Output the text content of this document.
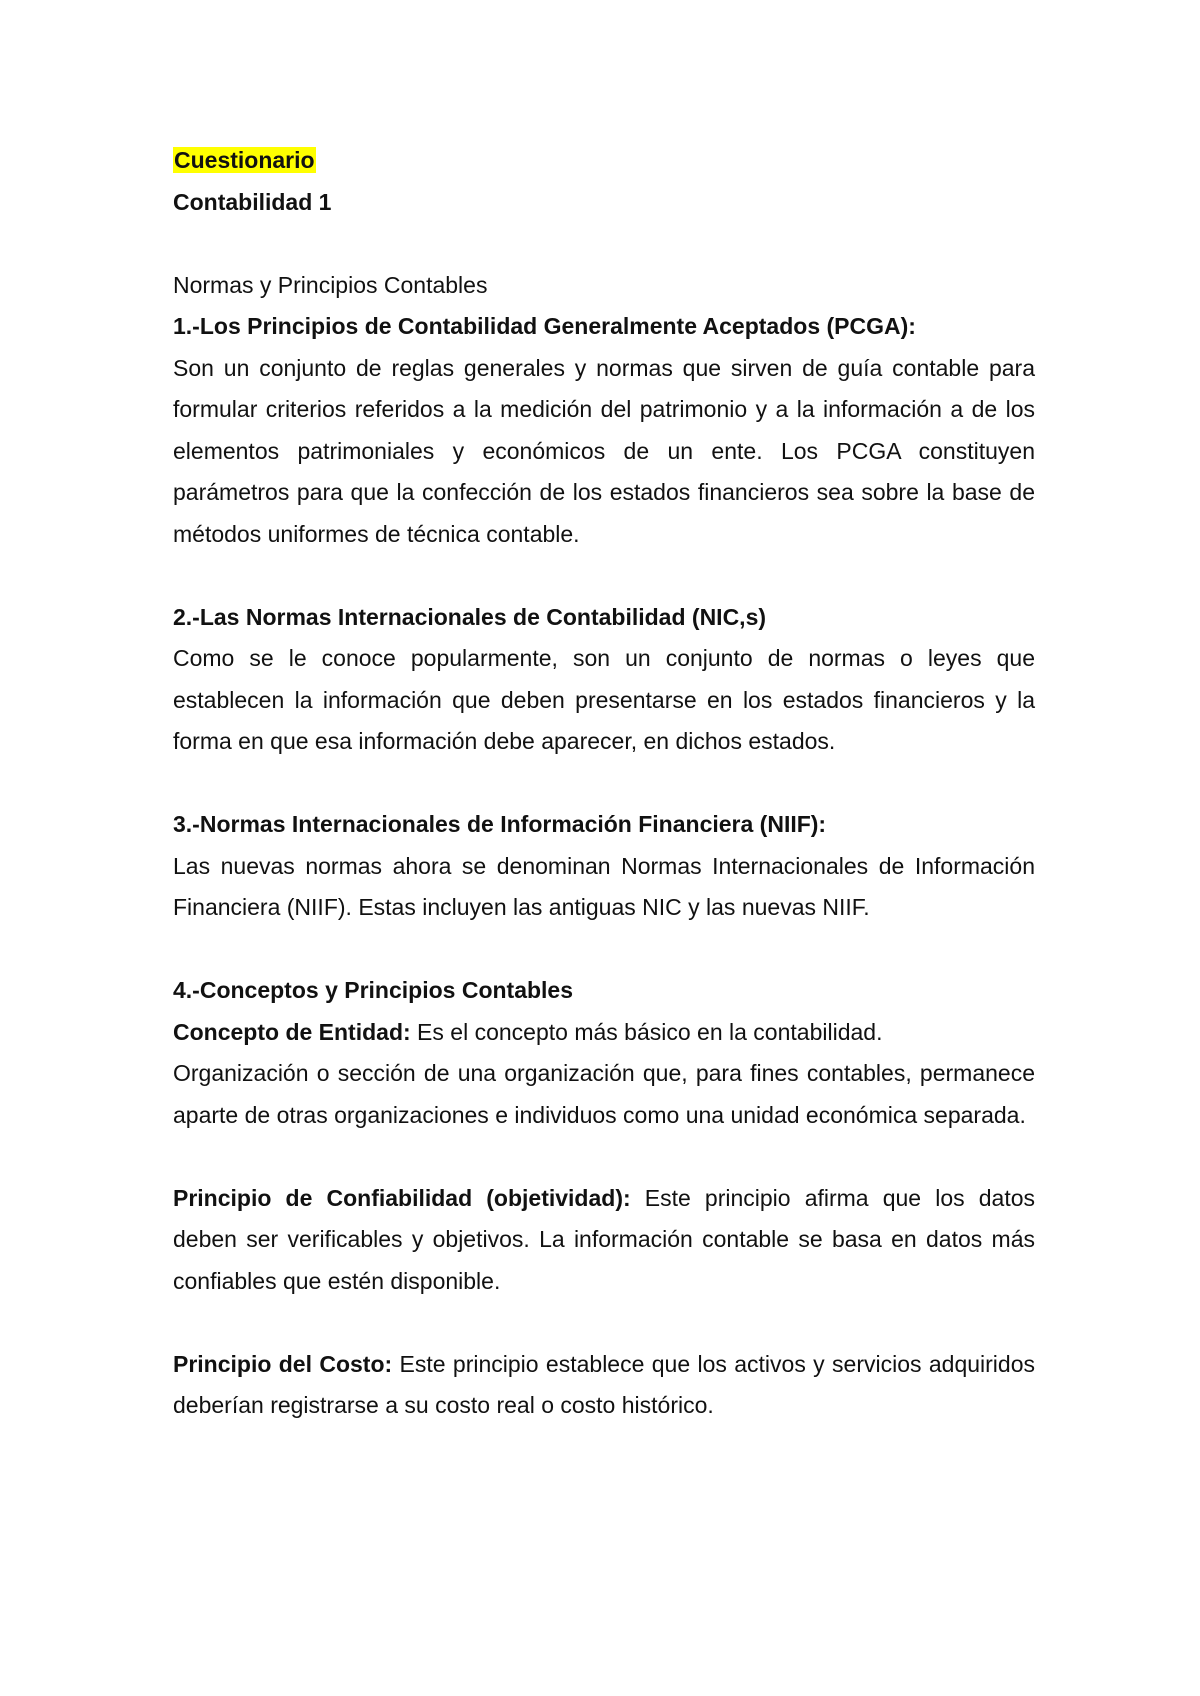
Cuestionario

Contabilidad 1

Normas y Principios Contables

1.-Los Principios de Contabilidad Generalmente Aceptados (PCGA):

Son un conjunto de reglas generales y normas que sirven de guía contable para formular criterios referidos a la medición del patrimonio y a la información a de los elementos patrimoniales y económicos de un ente. Los PCGA constituyen parámetros para que la confección de los estados financieros sea sobre la base de métodos uniformes de técnica contable.

2.-Las Normas Internacionales de Contabilidad (NIC,s)

Como se le conoce popularmente, son un conjunto de normas o leyes que establecen la información que deben presentarse en los estados financieros y la forma en que esa información debe aparecer, en dichos estados.

3.-Normas Internacionales de Información Financiera (NIIF):

Las nuevas normas ahora se denominan Normas Internacionales de Información Financiera (NIIF). Estas incluyen las antiguas NIC y las nuevas NIIF.

4.-Conceptos y Principios Contables

Concepto de Entidad: Es el concepto más básico en la contabilidad.

Organización o sección de una organización que, para fines contables, permanece aparte de otras organizaciones e individuos como una unidad económica separada.

Principio de Confiabilidad (objetividad): Este principio afirma que los datos deben ser verificables y objetivos. La información contable se basa en datos más confiables que estén disponible.

Principio del Costo: Este principio establece que los activos y servicios adquiridos deberían registrarse a su costo real o costo histórico.
